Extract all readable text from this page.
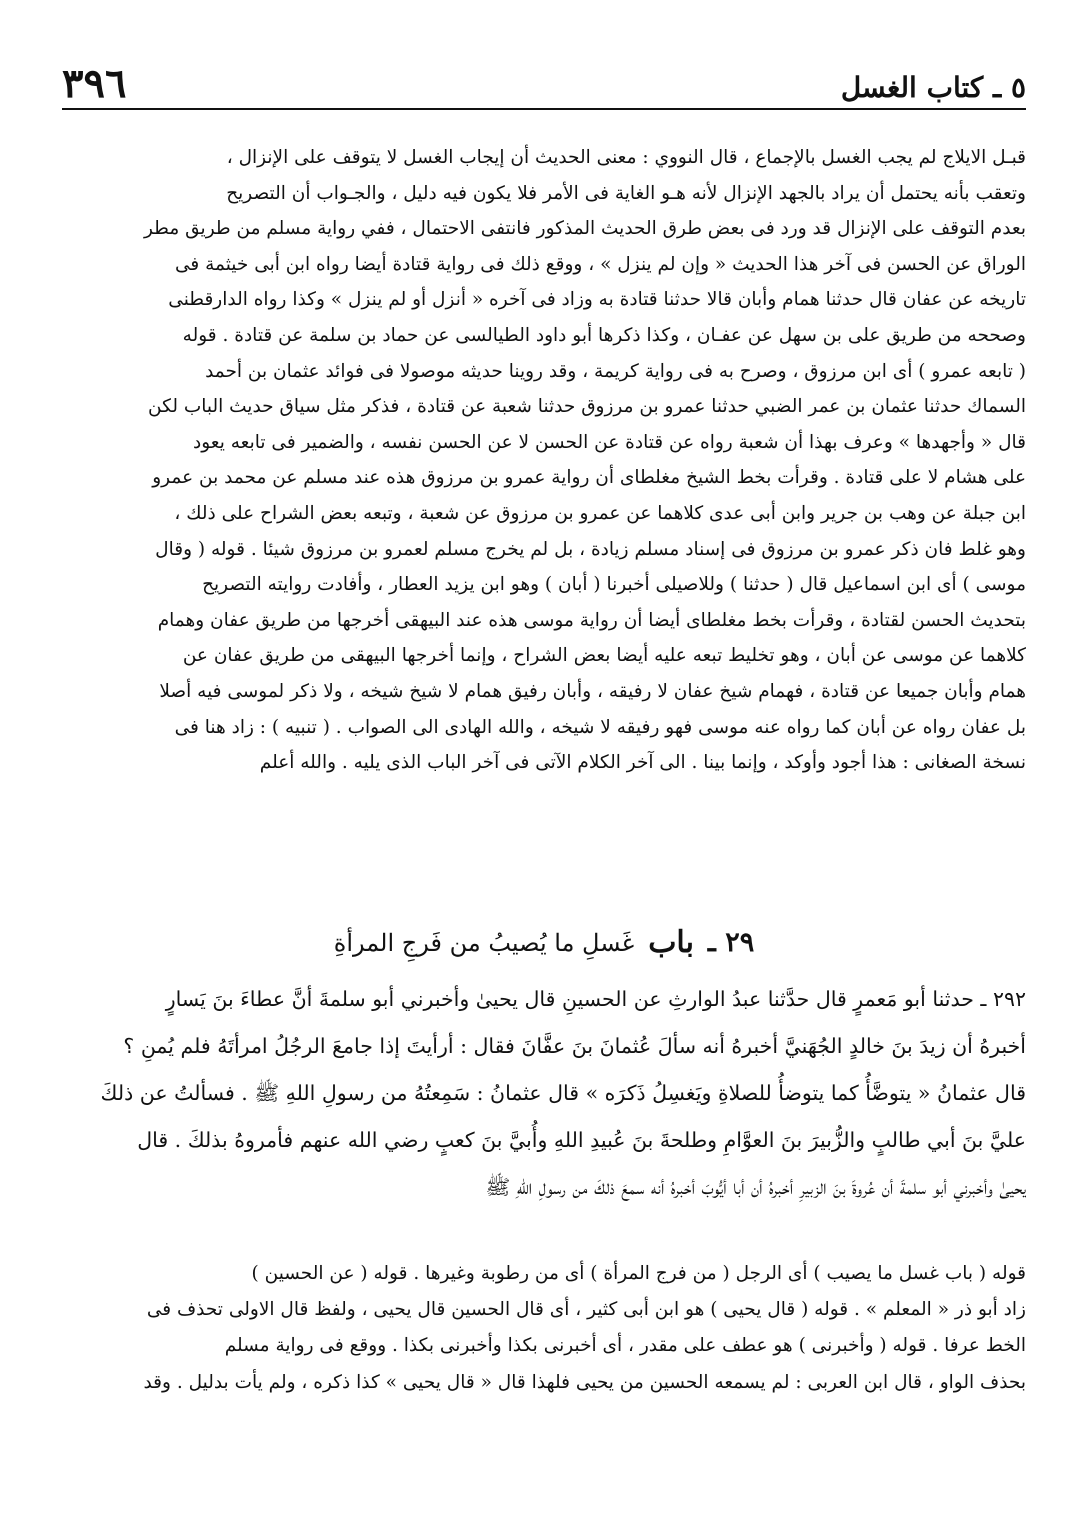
٣٩٦	٥ ـ كتاب الغسل
قبـل الايلاج لم يجب الغسل بالإجماع ، قال النووي : معنى الحديث أن إيجاب الغسل لا يتوقف على الإنزال ،
وتعقب بأنه يحتمل أن يراد بالجهد الإنزال لأنه هـو الغاية فى الأمر فلا يكون فيه دليل ، والجـواب أن التصريح
بعدم التوقف على الإنزال قد ورد فى بعض طرق الحديث المذكور فانتفى الاحتمال ، ففي رواية مسلم من طريق مطر
الوراق عن الحسن فى آخر هذا الحديث « وإن لم ينزل » ، ووقع ذلك فى رواية قتادة أيضا رواه ابن أبى خيثمة فى
تاريخه عن عفان قال حدثنا همام وأبان قالا حدثنا قتادة به وزاد فى آخره « أنزل أو لم ينزل » وكذا رواه الدارقطنى
وصححه من طريق على بن سهل عن عفـان ، وكذا ذكرها أبو داود الطيالسى عن حماد بن سلمة عن قتادة . قوله
( تابعه عمرو ) أى ابن مرزوق ، وصرح به فى رواية كريمة ، وقد روينا حديثه موصولا فى فوائد عثمان بن أحمد
السماك حدثنا عثمان بن عمر الضبي حدثنا عمرو بن مرزوق حدثنا شعبة عن قتادة ، فذكر مثل سياق حديث الباب لكن
قال « وأجهدها » وعرف بهذا أن شعبة رواه عن قتادة عن الحسن لا عن الحسن نفسه ، والضمير فى تابعه يعود
على هشام لا على قتادة . وقرأت بخط الشيخ مغلطاى أن رواية عمرو بن مرزوق هذه عند مسلم عن محمد بن عمرو
ابن جبلة عن وهب بن جرير وابن أبى عدى كلاهما عن عمرو بن مرزوق عن شعبة ، وتبعه بعض الشراح على ذلك ،
وهو غلط فان ذكر عمرو بن مرزوق فى إسناد مسلم زيادة ، بل لم يخرج مسلم لعمرو بن مرزوق شيئا . قوله ( وقال
موسى ) أى ابن اسماعيل قال ( حدثنا ) وللاصيلى أخبرنا ( أبان ) وهو ابن يزيد العطار ، وأفادت روايته التصريح
بتحديث الحسن لقتادة ، وقرأت بخط مغلطاى أيضا أن رواية موسى هذه عند البيهقى أخرجها من طريق عفان وهمام
كلاهما عن موسى عن أبان ، وهو تخليط تبعه عليه أيضا بعض الشراح ، وإنما أخرجها البيهقى من طريق عفان عن
همام وأبان جميعا عن قتادة ، فهمام شيخ عفان لا رفيقه ، وأبان رفيق همام لا شيخ شيخه ، ولا ذكر لموسى فيه أصلا
بل عفان رواه عن أبان كما رواه عنه موسى فهو رفيقه لا شيخه ، والله الهادى الى الصواب . ( تنبيه ) : زاد هنا فى
نسخة الصغانى : هذا أجود وأوكد ، وإنما بينا . الى آخر الكلام الآتى فى آخر الباب الذى يليه . والله أعلم
٢٩ ـ
باب
غَسلِ ما يُصيبُ من فَرجِ المرأةِ
٢٩٢ ـ حدثنا أبو مَعمرٍ قال حدَّثنا عبدُ الوارثِ عن الحسينِ قال يحيىٰ وأخبرني أبو سلمةَ أنَّ عطاءَ بنَ يَسارٍ
أخبرهُ أن زيدَ بنَ خالدٍ الجُهَنيَّ أخبرهُ أنه سألَ عُثمانَ بنَ عفَّانَ فقال : أرأيتَ إذا جامعَ الرجُلُ امرأتَهُ فلم يُمنِ ؟
قال عثمانُ « يتوضَّأُ كما يتوضأُ للصلاةِ ويَغسِلُ ذَكرَه » قال عثمانُ : سَمِعتُهُ من رسولِ اللهِ ﷺ . فسألتُ عن ذلكَ
عليَّ بنَ أبي طالبٍ والزُّبيرَ بنَ العوَّامِ وطلحةَ بنَ عُبيدِ اللهِ وأُبيَّ بنَ كعبٍ رضي الله عنهم فأمروهُ بذلكَ . قال
يحيىٰ وأخبرني أبو سلمةَ أن عُروةَ بنَ الزبيرِ أخبرهُ أن أبا أيُّوبَ أخبرهُ أنه سمعَ ذلكَ من رسولِ اللهِ ﷺ
قوله ( باب غسل ما يصيب ) أى الرجل ( من فرج المرأة ) أى من رطوبة وغيرها . قوله ( عن الحسين )
زاد أبو ذر « المعلم » . قوله ( قال يحيى ) هو ابن أبى كثير ، أى قال الحسين قال يحيى ، ولفظ قال الاولى تحذف فى
الخط عرفا . قوله ( وأخبرنى ) هو عطف على مقدر ، أى أخبرنى بكذا وأخبرنى بكذا . ووقع فى رواية مسلم
بحذف الواو ، قال ابن العربى : لم يسمعه الحسين من يحيى فلهذا قال « قال يحيى » كذا ذكره ، ولم يأت بدليل . وقد
